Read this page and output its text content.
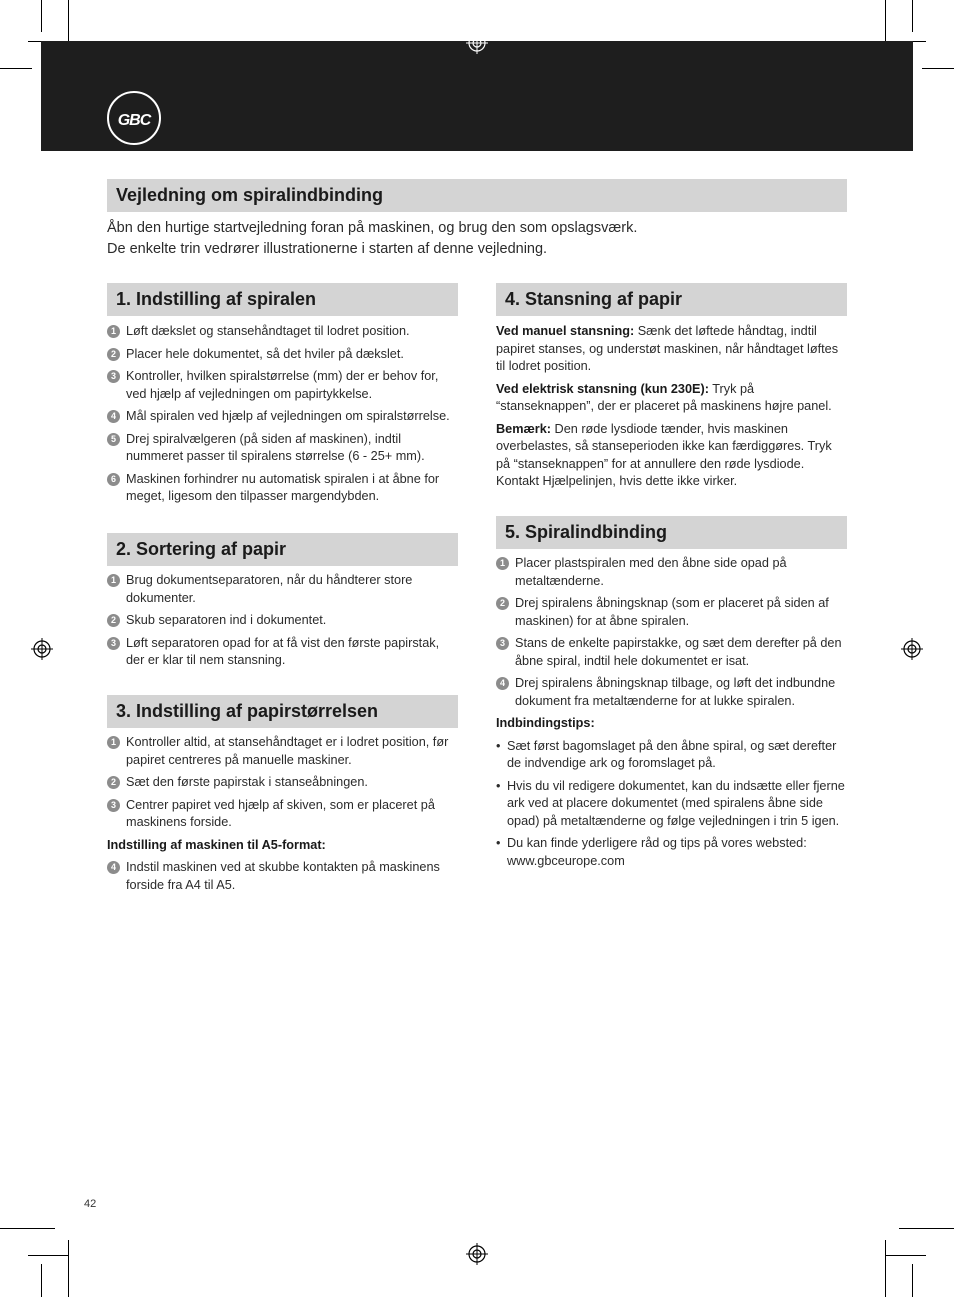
GBC
Vejledning om spiralindbinding

Åbn den hurtige startvejledning foran på maskinen, og brug den som opslagsværk.

De enkelte trin vedrører illustrationerne i starten af denne vejledning.

1. Indstilling af spiralen
1 Løft dækslet og stansehåndtaget til lodret position.
2 Placer hele dokumentet, så det hviler på dækslet.
3 Kontroller, hvilken spiralstørrelse (mm) der er behov for, ved hjælp af vejledningen om papirtykkelse.
4 Mål spiralen ved hjælp af vejledningen om spiralstørrelse.
5 Drej spiralvælgeren (på siden af maskinen), indtil nummeret passer til spiralens størrelse (6 - 25+ mm).
6 Maskinen forhindrer nu automatisk spiralen i at åbne for meget, ligesom den tilpasser margendybden.
2. Sortering af papir
1 Brug dokumentseparatoren, når du håndterer store dokumenter.
2 Skub separatoren ind i dokumentet.
3 Løft separatoren opad for at få vist den første papirstak, der er klar til nem stansning.
3. Indstilling af papirstørrelsen
1 Kontroller altid, at stansehåndtaget er i lodret position, før papiret centreres på manuelle maskiner.
2 Sæt den første papirstak i stanseåbningen.
3 Centrer papiret ved hjælp af skiven, som er placeret på maskinens forside.
Indstilling af maskinen til A5-format:
4 Indstil maskinen ved at skubbe kontakten på maskinens forside fra A4 til A5.
4. Stansning af papir

Ved manuel stansning: Sænk det løftede håndtag, indtil papiret stanses, og understøt maskinen, når håndtaget løftes til lodret position.

Ved elektrisk stansning (kun 230E): Tryk på “stanseknappen”, der er placeret på maskinens højre panel.

Bemærk: Den røde lysdiode tænder, hvis maskinen overbelastes, så stanseperioden ikke kan færdiggøres. Tryk på “stanseknappen” for at annullere den røde lysdiode. Kontakt Hjælpelinjen, hvis dette ikke virker.

5. Spiralindbinding
1 Placer plastspiralen med den åbne side opad på metaltænderne.
2 Drej spiralens åbningsknap (som er placeret på siden af maskinen) for at åbne spiralen.
3 Stans de enkelte papirstakke, og sæt dem derefter på den åbne spiral, indtil hele dokumentet er isat.
4 Drej spiralens åbningsknap tilbage, og løft det indbundne dokument fra metaltænderne for at lukke spiralen.
Indbindingstips:
• Sæt først bagomslaget på den åbne spiral, og sæt derefter de indvendige ark og foromslaget på.
• Hvis du vil redigere dokumentet, kan du indsætte eller fjerne ark ved at placere dokumentet (med spiralens åbne side opad) på metaltænderne og følge vejledningen i trin 5 igen.
• Du kan finde yderligere råd og tips på vores websted: www.gbceurope.com
42
